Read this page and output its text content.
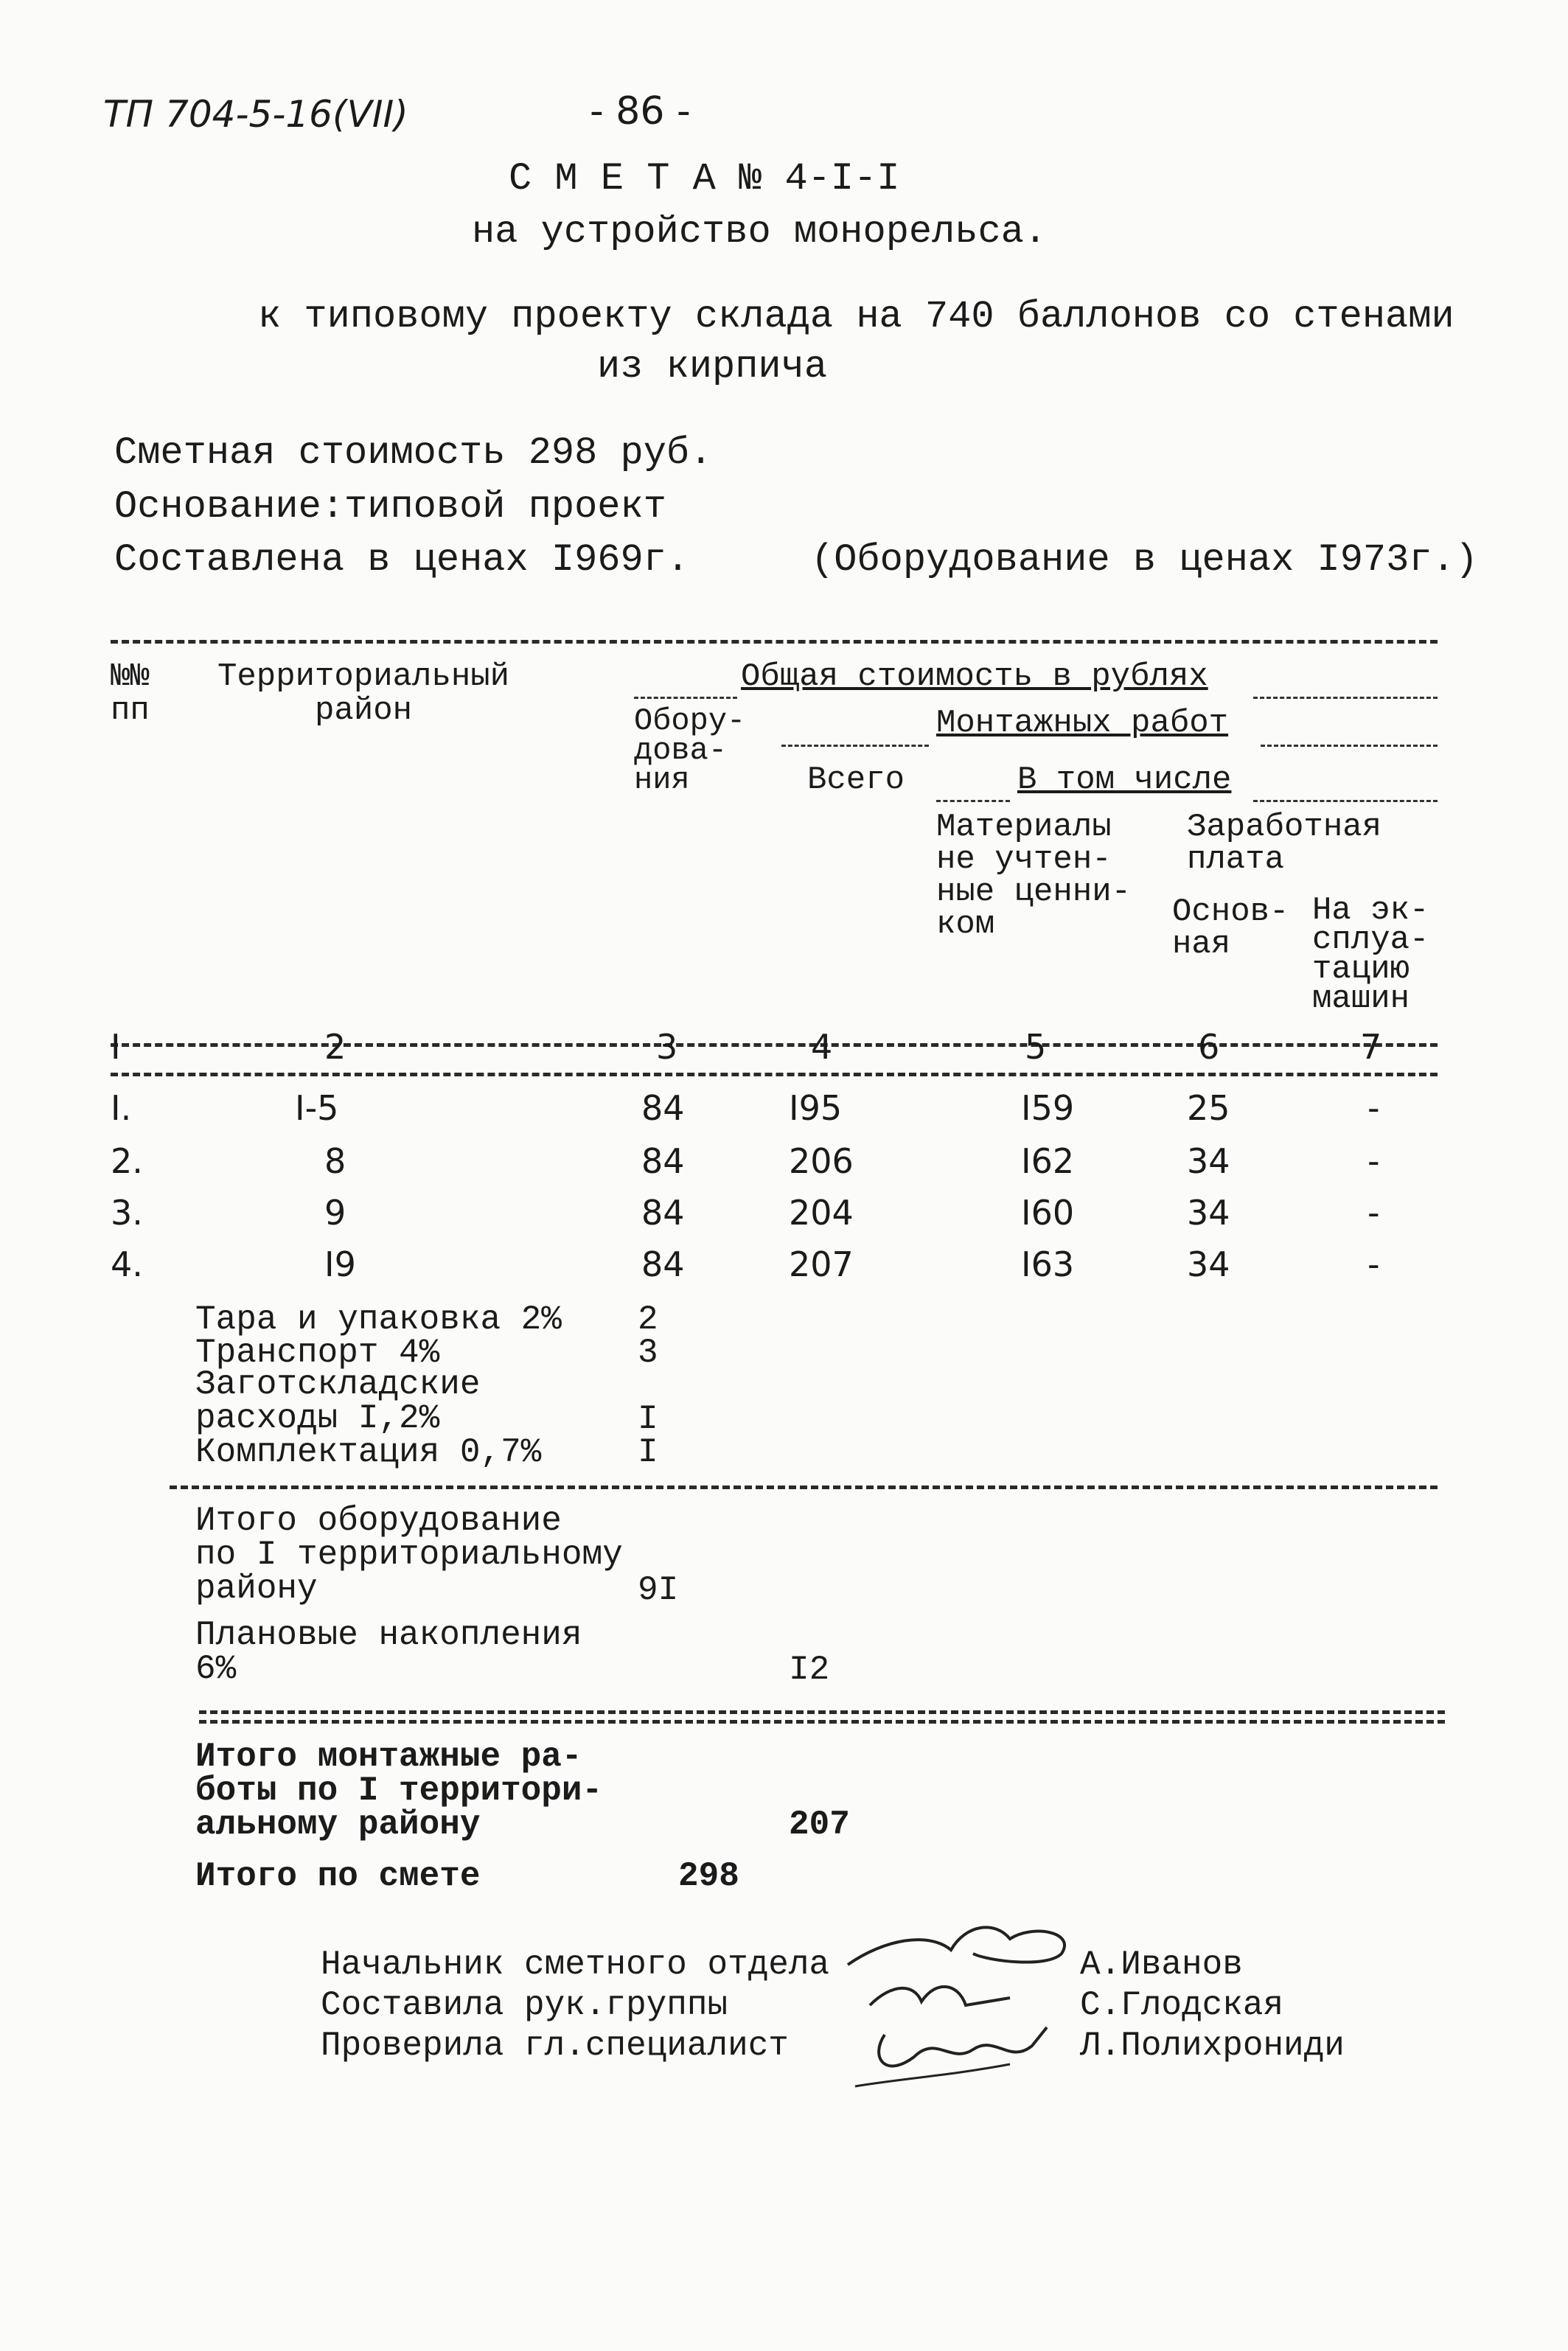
ТП 704-5-16(VII)	- 86 -
С М Е Т А № 4-I-I
на устройство монорельса.
к типовому проекту склада на 740 баллонов со стенами
из кирпича
Сметная стоимость 298 руб.
Основание:типовой проект
Составлена в ценах I969г.	(Оборудование в ценах I973г.)
№№
пп
Территориальный
район
Общая стоимость в рублях
Обору-
дова-
ния
Монтажных работ
Всего	В том числе
Материалы
не учтен-
ные ценни-
ком
Заработная
плата
Основ-
ная
На эк-
сплуа-
тацию
машин
I	2	3	4	5	6	7
I.	I-5	84	I95	I59	25	-
2.	8	84	206	I62	34	-
3.	9	84	204	I60	34	-
4.	I9	84	207	I63	34	-
Тара и упаковка 2% 2
Транспорт 4%	3
Заготскладские
расходы I,2%	I
Комплектация 0,7%	I
Итого оборудование
по I территориальному
району	9I
Плановые накопления
6%	I2
Итого монтажные ра-
боты по I территори-
альному району	207
Итого по смете	298
Начальник сметного отдела	А.Иванов
Составила рук.группы	С.Глодская
Проверила гл.специалист	Л.Полихрониди
